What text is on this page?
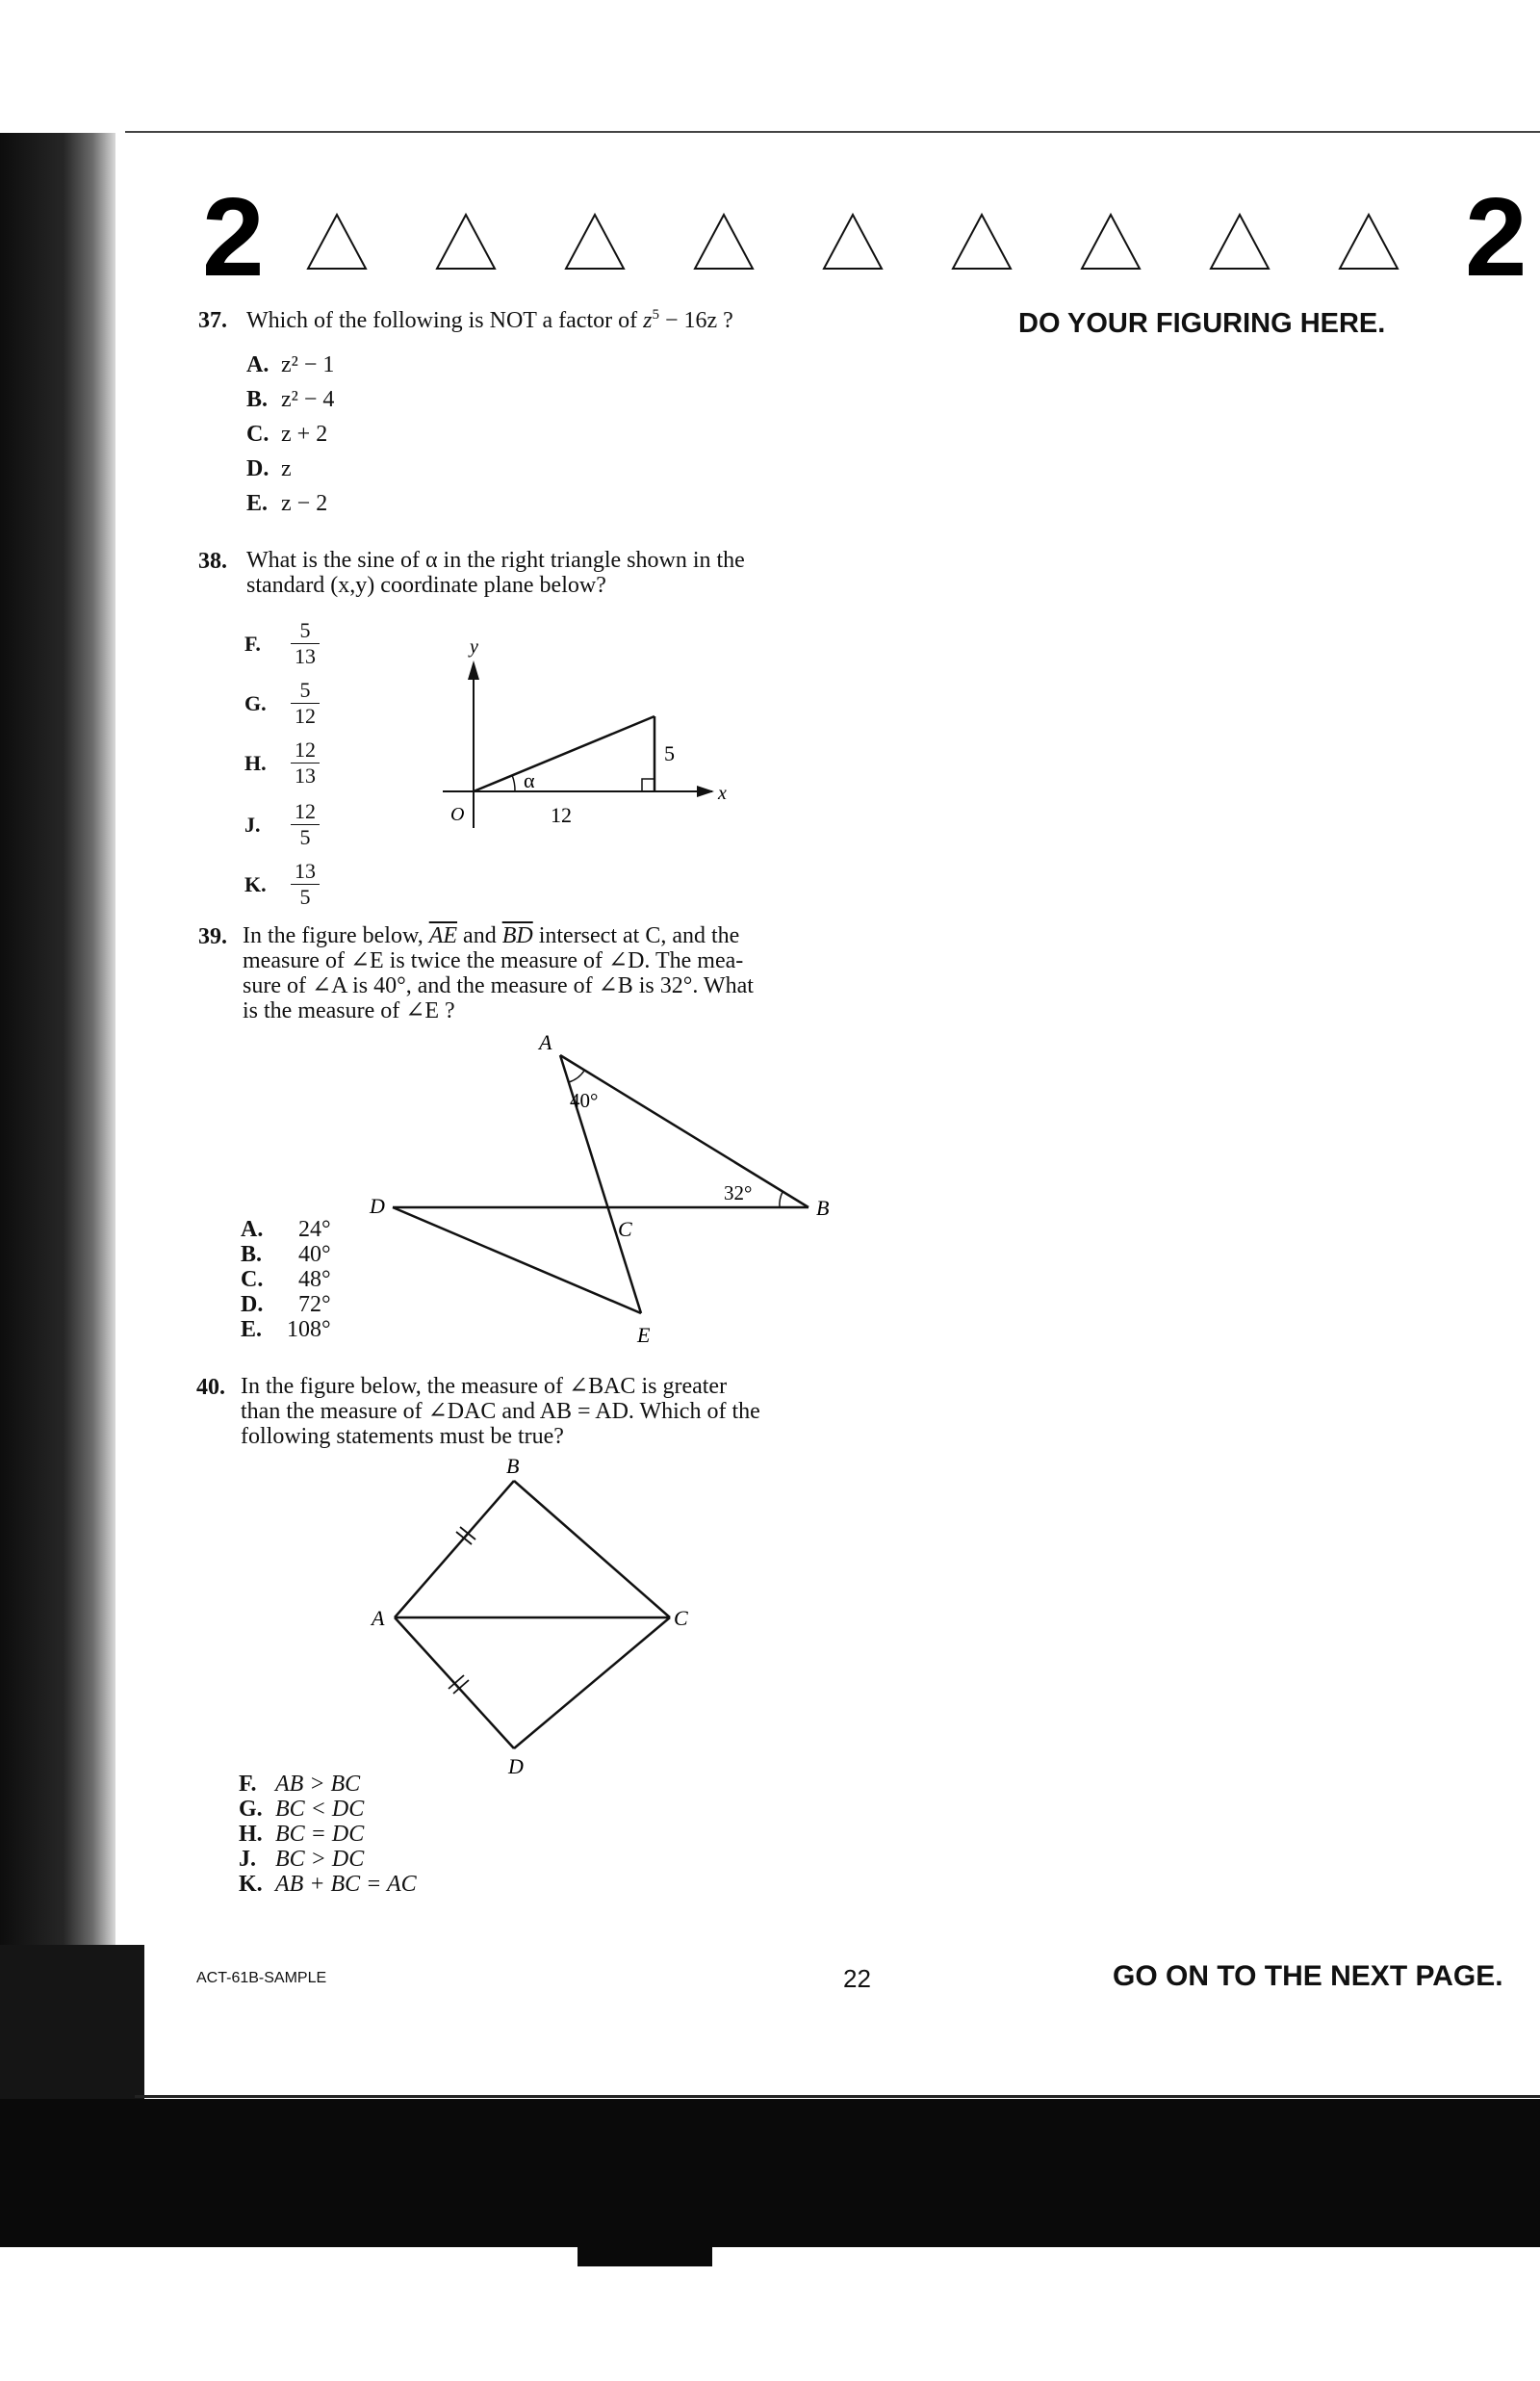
2	2
DO YOUR FIGURING HERE.
37. Which of the following is NOT a factor of $z^5 - 16z$ ?
A. z² − 1
B. z² − 4
C. z + 2
D. z
E. z − 2
38. What is the sine of α in the right triangle shown in the
standard (x,y) coordinate plane below?
F. $\frac{5}{13}$
G. $\frac{5}{12}$
H. $\frac{12}{13}$
J. $\frac{12}{5}$
K. $\frac{13}{5}$
O
y
x
α
5
12
39. In the figure below, $\overline{AE}$ and $\overline{BD}$ intersect at C, and the
measure of ∠E is twice the measure of ∠D. The mea-
sure of ∠A is 40°, and the measure of ∠B is 32°. What
is the measure of ∠E ?
A
B
C
D
E
40°
32°
A. 24°
B. 40°
C. 48°
D. 72°
E. 108°
40. In the figure below, the measure of ∠BAC is greater
than the measure of ∠DAC and AB = AD. Which of the
following statements must be true?
B
A	C
D
F. AB > BC
G. BC < DC
H. BC = DC
J. BC > DC
K. AB + BC = AC
ACT-61B-SAMPLE	22	GO ON TO THE NEXT PAGE.
